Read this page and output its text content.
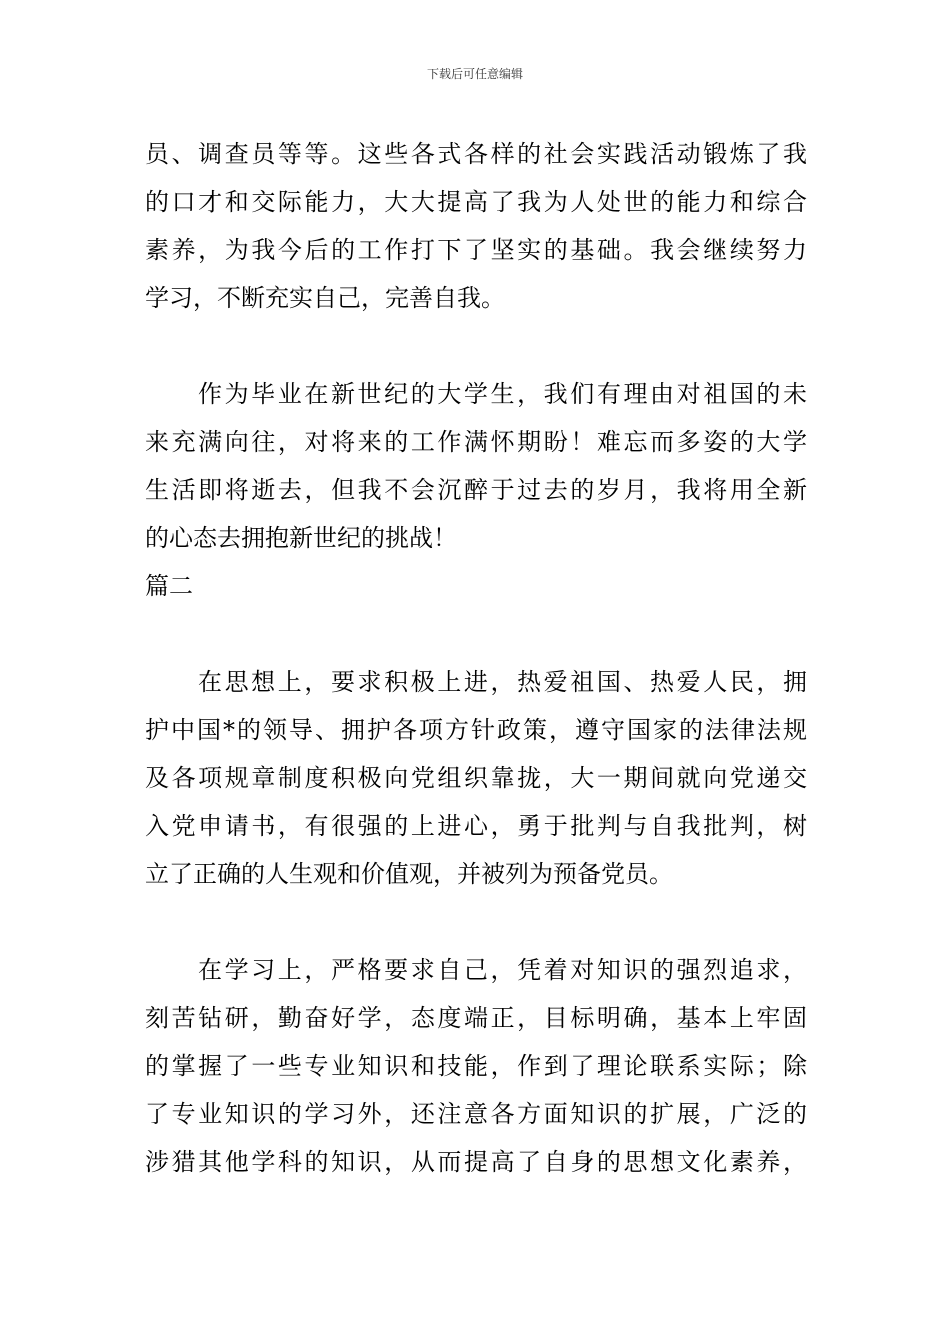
下载后可任意编辑
员、调查员等等。这些各式各样的社会实践活动锻炼了我
的口才和交际能力，大大提高了我为人处世的能力和综合
素养，为我今后的工作打下了坚实的基础。我会继续努力
学习，不断充实自己，完善自我。
作为毕业在新世纪的大学生，我们有理由对祖国的未
来充满向往，对将来的工作满怀期盼！难忘而多姿的大学
生活即将逝去，但我不会沉醉于过去的岁月，我将用全新
的心态去拥抱新世纪的挑战！
篇二
在思想上，要求积极上进，热爱祖国、热爱人民，拥
护中国*的领导、拥护各项方针政策，遵守国家的法律法规
及各项规章制度积极向党组织靠拢，大一期间就向党递交
入党申请书，有很强的上进心，勇于批判与自我批判，树
立了正确的人生观和价值观，并被列为预备党员。
在学习上，严格要求自己，凭着对知识的强烈追求，
刻苦钻研，勤奋好学，态度端正，目标明确，基本上牢固
的掌握了一些专业知识和技能，作到了理论联系实际；除
了专业知识的学习外，还注意各方面知识的扩展，广泛的
涉猎其他学科的知识，从而提高了自身的思想文化素养，
